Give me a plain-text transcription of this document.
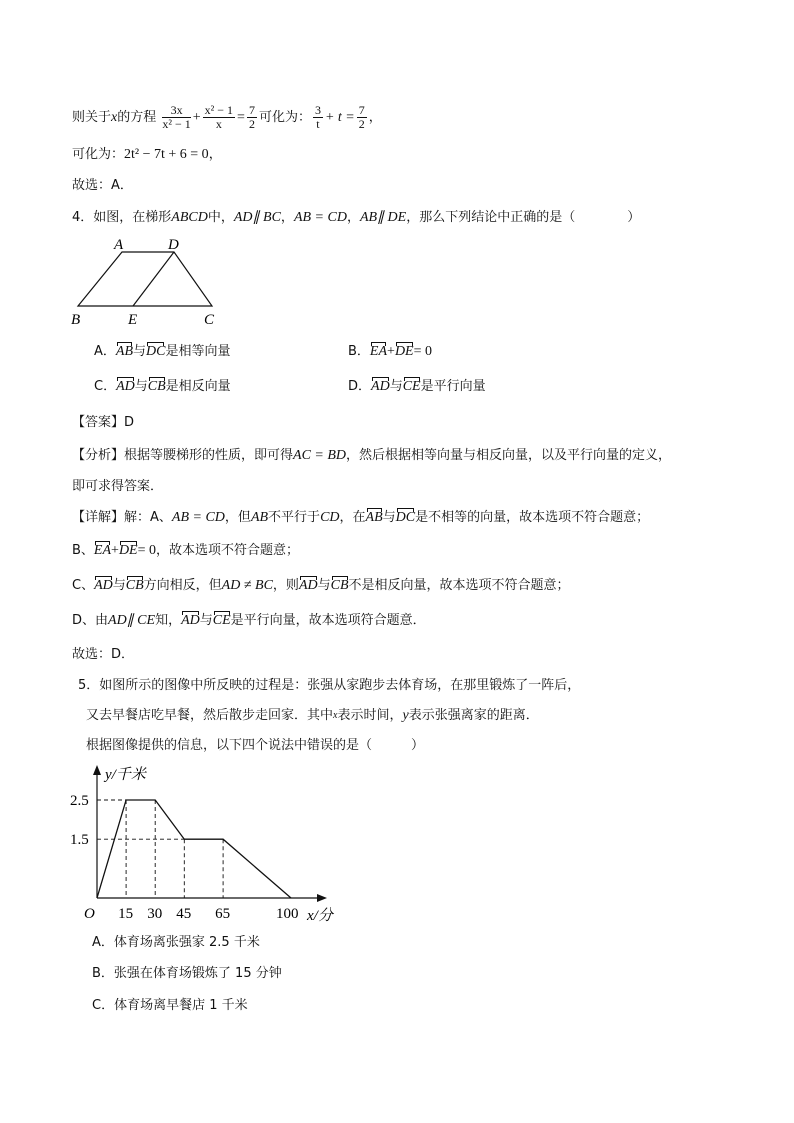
则关于x的方程 $\frac{3x}{\text{x² − 1}} + \frac{\text{x² − 1}}{x} = \frac{7}{2}$ 可化为： $\frac{3}{t} + t = \frac{7}{2}$ ，
可化为：2t² − 7t + 6 = 0，
故选：A．
4．如图，在梯形ABCD中，AD∥ BC，AB = CD，AB∥ DE，那么下列结论中正确的是（　　　　）
A	D
B	E	C
A．AB与DC是相等向量	B．EA+DE= 0
C．AD与CB是相反向量	D．AD与CE是平行向量
【答案】D
【分析】根据等腰梯形的性质，即可得AC = BD，然后根据相等向量与相反向量，以及平行向量的定义，
即可求得答案．
【详解】解：A、AB = CD，但AB不平行于CD，在AB与DC是不相等的向量，故本选项不符合题意；
B、EA+DE= 0，故本选项不符合题意；
C、AD与CB方向相反，但AD ≠ BC，则AD与CB不是相反向量，故本选项不符合题意；
D、由AD∥ CE知，AD与CE是平行向量，故本选项符合题意．
故选：D．
5．如图所示的图像中所反映的过程是：张强从家跑步去体育场，在那里锻炼了一阵后，
又去早餐店吃早餐，然后散步走回家．其中$^x$表示时间，y表示张强离家的距离．
根据图像提供的信息，以下四个说法中错误的是（　　　）
2.5
1.5
15 30 45 65	100
O
y/千米
x/分
A．体育场离张强家 2.5 千米
B．张强在体育场锻炼了 15 分钟
C．体育场离早餐店 1 千米
